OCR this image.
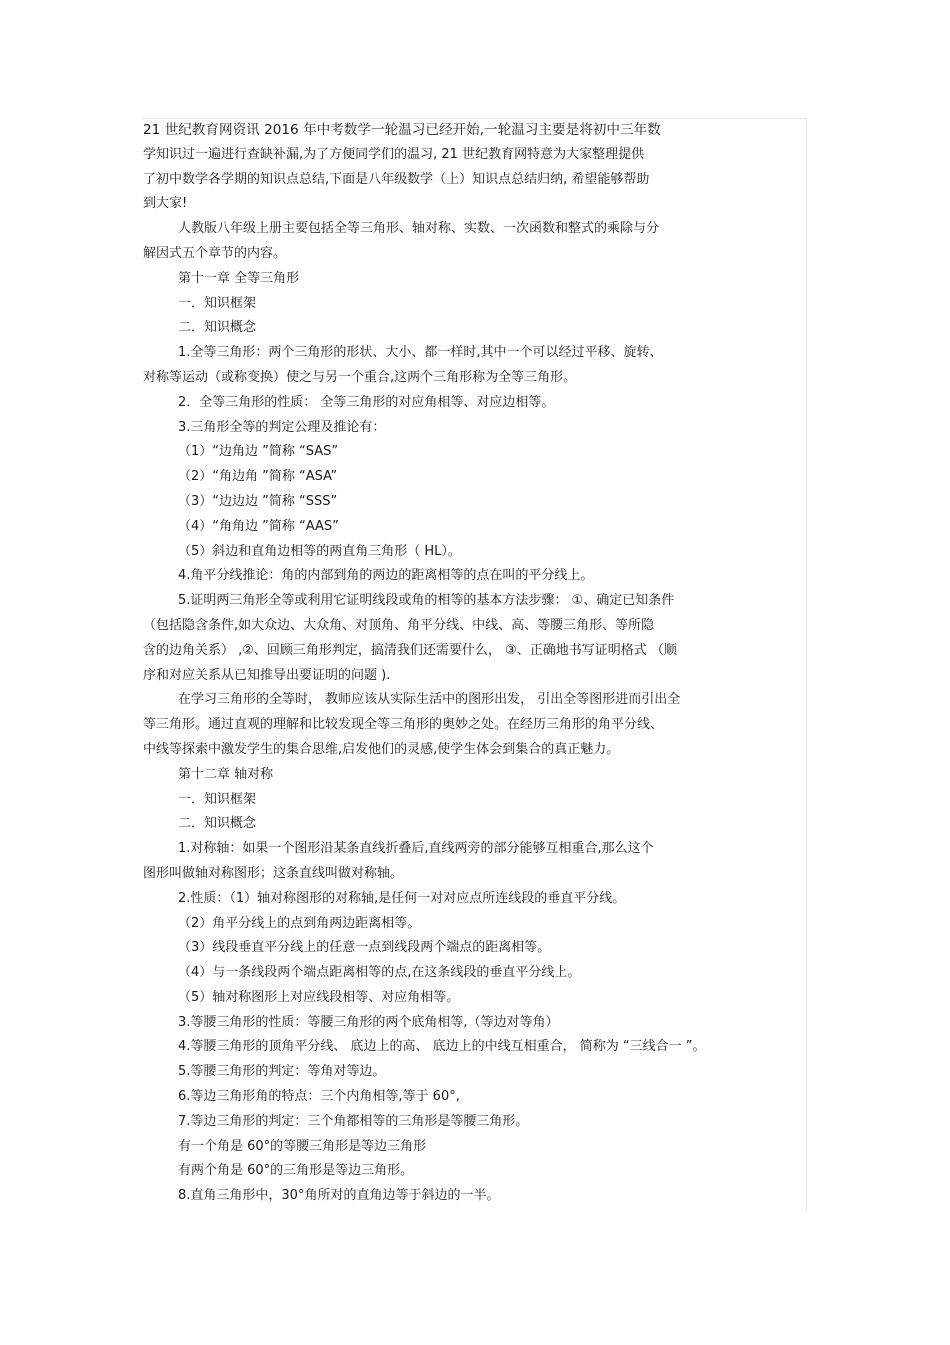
21 世纪教育网资讯 2016 年中考数学一轮温习已经开始,一轮温习主要是将初中三年数
学知识过一遍进行查缺补漏,为了方便同学们的温习, 21 世纪教育网特意为大家整理提供
了初中数学各学期的知识点总结,下面是八年级数学（上）知识点总结归纳, 希望能够帮助
到大家!
人教版八年级上册主要包括全等三角形、轴对称、实数、一次函数和整式的乘除与分
解因式五个章节的内容。
第十一章 全等三角形
一．知识框架
二．知识概念
1.全等三角形：两个三角形的形状、大小、都一样时,其中一个可以经过平移、旋转、
对称等运动（或称变换）使之与另一个重合,这两个三角形称为全等三角形。
2．全等三角形的性质： 全等三角形的对应角相等、对应边相等。
3.三角形全等的判定公理及推论有：
（1）“边角边 ”简称 “SAS”
（2）“角边角 ”简称 “ASA”
（3）“边边边 ”简称 “SSS”
（4）“角角边 ”简称 “AAS”
（5）斜边和直角边相等的两直角三角形（ HL）。
4.角平分线推论：角的内部到角的两边的距离相等的点在叫的平分线上。
5.证明两三角形全等或利用它证明线段或角的相等的基本方法步骤： ①、确定已知条件
（包括隐含条件,如大众边、大众角、对顶角、角平分线、中线、高、等腰三角形、等所隐
含的边角关系） ,②、回顾三角形判定，搞清我们还需要什么， ③、正确地书写证明格式 （顺
序和对应关系从已知推导出要证明的问题 ).
在学习三角形的全等时， 教师应该从实际生活中的图形出发， 引出全等图形进而引出全
等三角形。通过直观的理解和比较发现全等三角形的奥妙之处。在经历三角形的角平分线、
中线等探索中激发学生的集合思维,启发他们的灵感,使学生体会到集合的真正魅力。
第十二章 轴对称
一．知识框架
二．知识概念
1.对称轴：如果一个图形沿某条直线折叠后,直线两旁的部分能够互相重合,那么这个
图形叫做轴对称图形；这条直线叫做对称轴。
2.性质：（1）轴对称图形的对称轴,是任何一对对应点所连线段的垂直平分线。
（2）角平分线上的点到角两边距离相等。
（3）线段垂直平分线上的任意一点到线段两个端点的距离相等。
（4）与一条线段两个端点距离相等的点,在这条线段的垂直平分线上。
（5）轴对称图形上对应线段相等、对应角相等。
3.等腰三角形的性质：等腰三角形的两个底角相等,（等边对等角）
4.等腰三角形的顶角平分线、 底边上的高、 底边上的中线互相重合， 简称为 “三线合一 ”。
5.等腰三角形的判定：等角对等边。
6.等边三角形角的特点：三个内角相等,等于 60°,
7.等边三角形的判定：三个角都相等的三角形是等腰三角形。
有一个角是 60°的等腰三角形是等边三角形
有两个角是 60°的三角形是等边三角形。
8.直角三角形中，30°角所对的直角边等于斜边的一半。
